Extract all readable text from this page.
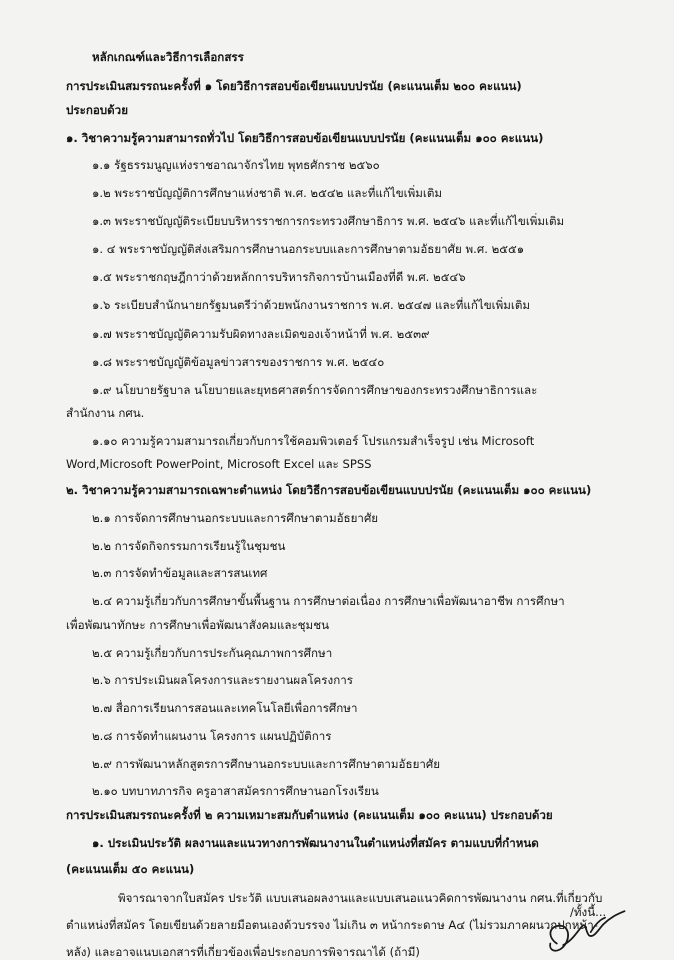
หลักเกณฑ์และวิธีการเลือกสรร
การประเมินสมรรถนะครั้งที่ ๑ โดยวิธีการสอบข้อเขียนแบบปรนัย (คะแนนเต็ม ๒๐๐ คะแนน)
ประกอบด้วย
๑. วิชาความรู้ความสามารถทั่วไป โดยวิธีการสอบข้อเขียนแบบปรนัย (คะแนนเต็ม ๑๐๐ คะแนน)
๑.๑ รัฐธรรมนูญแห่งราชอาณาจักรไทย พุทธศักราช ๒๕๖๐
๑.๒ พระราชบัญญัติการศึกษาแห่งชาติ พ.ศ. ๒๕๔๒ และที่แก้ไขเพิ่มเติม
๑.๓ พระราชบัญญัติระเบียบบริหารราชการกระทรวงศึกษาธิการ พ.ศ. ๒๕๔๖ และที่แก้ไขเพิ่มเติม
๑. ๔ พระราชบัญญัติส่งเสริมการศึกษานอกระบบและการศึกษาตามอัธยาศัย พ.ศ. ๒๕๕๑
๑.๕ พระราชกฤษฎีกาว่าด้วยหลักการบริหารกิจการบ้านเมืองที่ดี พ.ศ. ๒๕๔๖
๑.๖ ระเบียบสำนักนายกรัฐมนตรีว่าด้วยพนักงานราชการ พ.ศ. ๒๕๔๗ และที่แก้ไขเพิ่มเติม
๑.๗ พระราชบัญญัติความรับผิดทางละเมิดของเจ้าหน้าที่ พ.ศ. ๒๕๓๙
๑.๘ พระราชบัญญัติข้อมูลข่าวสารของราชการ พ.ศ. ๒๕๔๐
๑.๙ นโยบายรัฐบาล นโยบายและยุทธศาสตร์การจัดการศึกษาของกระทรวงศึกษาธิการและ
สำนักงาน กศน.
๑.๑๐ ความรู้ความสามารถเกี่ยวกับการใช้คอมพิวเตอร์ โปรแกรมสำเร็จรูป เช่น Microsoft
Word,Microsoft PowerPoint, Microsoft Excel และ SPSS
๒. วิชาความรู้ความสามารถเฉพาะตำแหน่ง โดยวิธีการสอบข้อเขียนแบบปรนัย (คะแนนเต็ม ๑๐๐ คะแนน)
๒.๑ การจัดการศึกษานอกระบบและการศึกษาตามอัธยาศัย
๒.๒ การจัดกิจกรรมการเรียนรู้ในชุมชน
๒.๓ การจัดทำข้อมูลและสารสนเทศ
๒.๔ ความรู้เกี่ยวกับการศึกษาขั้นพื้นฐาน การศึกษาต่อเนื่อง การศึกษาเพื่อพัฒนาอาชีพ การศึกษา
เพื่อพัฒนาทักษะ การศึกษาเพื่อพัฒนาสังคมและชุมชน
๒.๕ ความรู้เกี่ยวกับการประกันคุณภาพการศึกษา
๒.๖ การประเมินผลโครงการและรายงานผลโครงการ
๒.๗ สื่อการเรียนการสอนและเทคโนโลยีเพื่อการศึกษา
๒.๘ การจัดทำแผนงาน โครงการ แผนปฏิบัติการ
๒.๙ การพัฒนาหลักสูตรการศึกษานอกระบบและการศึกษาตามอัธยาศัย
๒.๑๐ บทบาทภารกิจ ครูอาสาสมัครการศึกษานอกโรงเรียน
การประเมินสมรรถนะครั้งที่ ๒ ความเหมาะสมกับตำแหน่ง (คะแนนเต็ม ๑๐๐ คะแนน) ประกอบด้วย
๑. ประเมินประวัติ ผลงานและแนวทางการพัฒนางานในตำแหน่งที่สมัคร ตามแบบที่กำหนด
(คะแนนเต็ม ๕๐ คะแนน)
พิจารณาจากใบสมัคร ประวัติ แบบเสนอผลงานและแบบเสนอแนวคิดการพัฒนางาน กศน.ที่เกี่ยวกับ
ตำแหน่งที่สมัคร โดยเขียนด้วยลายมือตนเองด้วบรรจง ไม่เกิน ๓ หน้ากระดาษ A๔ (ไม่รวมภาคผนวกปกหน้า-
หลัง) และอาจแนบเอกสารที่เกี่ยวข้องเพื่อประกอบการพิจารณาได้ (ถ้ามี)
/ทั้งนี้...
